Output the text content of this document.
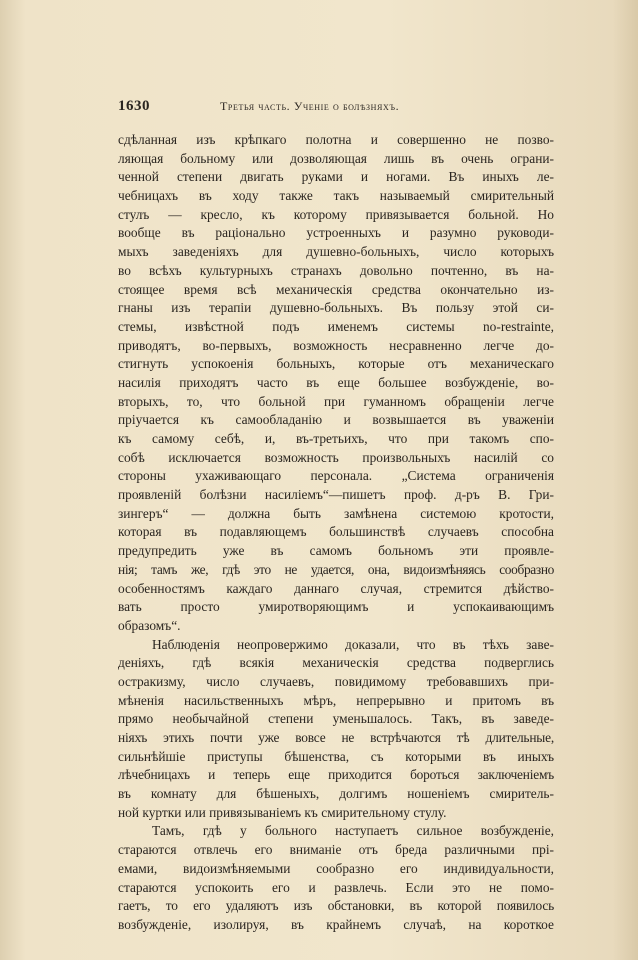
1630	Третья часть. Ученіе о болѣзняхъ.
сдѣланная изъ крѣпкаго полотна и совершенно не позво-
ляющая больному или дозволяющая лишь въ очень ограни-
ченной степени двигать руками и ногами. Въ иныхъ ле-
чебницахъ въ ходу также такъ называемый смирительный
стулъ — кресло, къ которому привязывается больной. Но
вообще въ раціонально устроенныхъ и разумно руководи-
мыхъ заведеніяхъ для душевно-больныхъ, число которыхъ
во всѣхъ культурныхъ странахъ довольно почтенно, въ на-
стоящее время всѣ механическія средства окончательно из-
гнаны изъ терапіи душевно-больныхъ. Въ пользу этой си-
стемы, извѣстной подъ именемъ системы no-restrainte,
приводятъ, во-первыхъ, возможность несравненно легче до-
стигнуть успокоенія больныхъ, которые отъ механическаго
насилія приходятъ часто въ еще большее возбужденіе, во-
вторыхъ, то, что больной при гуманномъ обращеніи легче
пріучается къ самообладанію и возвышается въ уваженіи
къ самому себѣ, и, въ-третьихъ, что при такомъ спо-
собѣ исключается возможность произвольныхъ насилій со
стороны ухаживающаго персонала. „Система ограниченія
проявленій болѣзни насиліемъ“—пишетъ проф. д-ръ В. Гри-
зингеръ“ — должна быть замѣнена системою кротости,
которая въ подавляющемъ большинствѣ случаевъ способна
предупредить уже въ самомъ больномъ эти проявле-
нія; тамъ же, гдѣ это не удается, она, видоизмѣняясь сообразно
особенностямъ каждаго даннаго случая, стремится дѣйство-
вать просто умиротворяющимъ и успокаивающимъ
образомъ“.
Наблюденія неопровержимо доказали, что въ тѣхъ заве-
деніяхъ, гдѣ всякія механическія средства подверглись
остракизму, число случаевъ, повидимому требовавшихъ при-
мѣненія насильственныхъ мѣръ, непрерывно и притомъ въ
прямо необычайной степени уменьшалось. Такъ, въ заведе-
ніяхъ этихъ почти уже вовсе не встрѣчаются тѣ длительные,
сильнѣйшіе приступы бѣшенства, съ которыми въ иныхъ
лѣчебницахъ и теперь еще приходится бороться заключеніемъ
въ комнату для бѣшеныхъ, долгимъ ношеніемъ смиритель-
ной куртки или привязываніемъ къ смирительному стулу.
Тамъ, гдѣ у больного наступаетъ сильное возбужденіе,
стараются отвлечь его вниманіе отъ бреда различными прі-
емами, видоизмѣняемыми сообразно его индивидуальности,
стараются успокоить его и развлечь. Если это не помо-
гаетъ, то его удаляютъ изъ обстановки, въ которой появилось
возбужденіе, изолируя, въ крайнемъ случаѣ, на короткое
